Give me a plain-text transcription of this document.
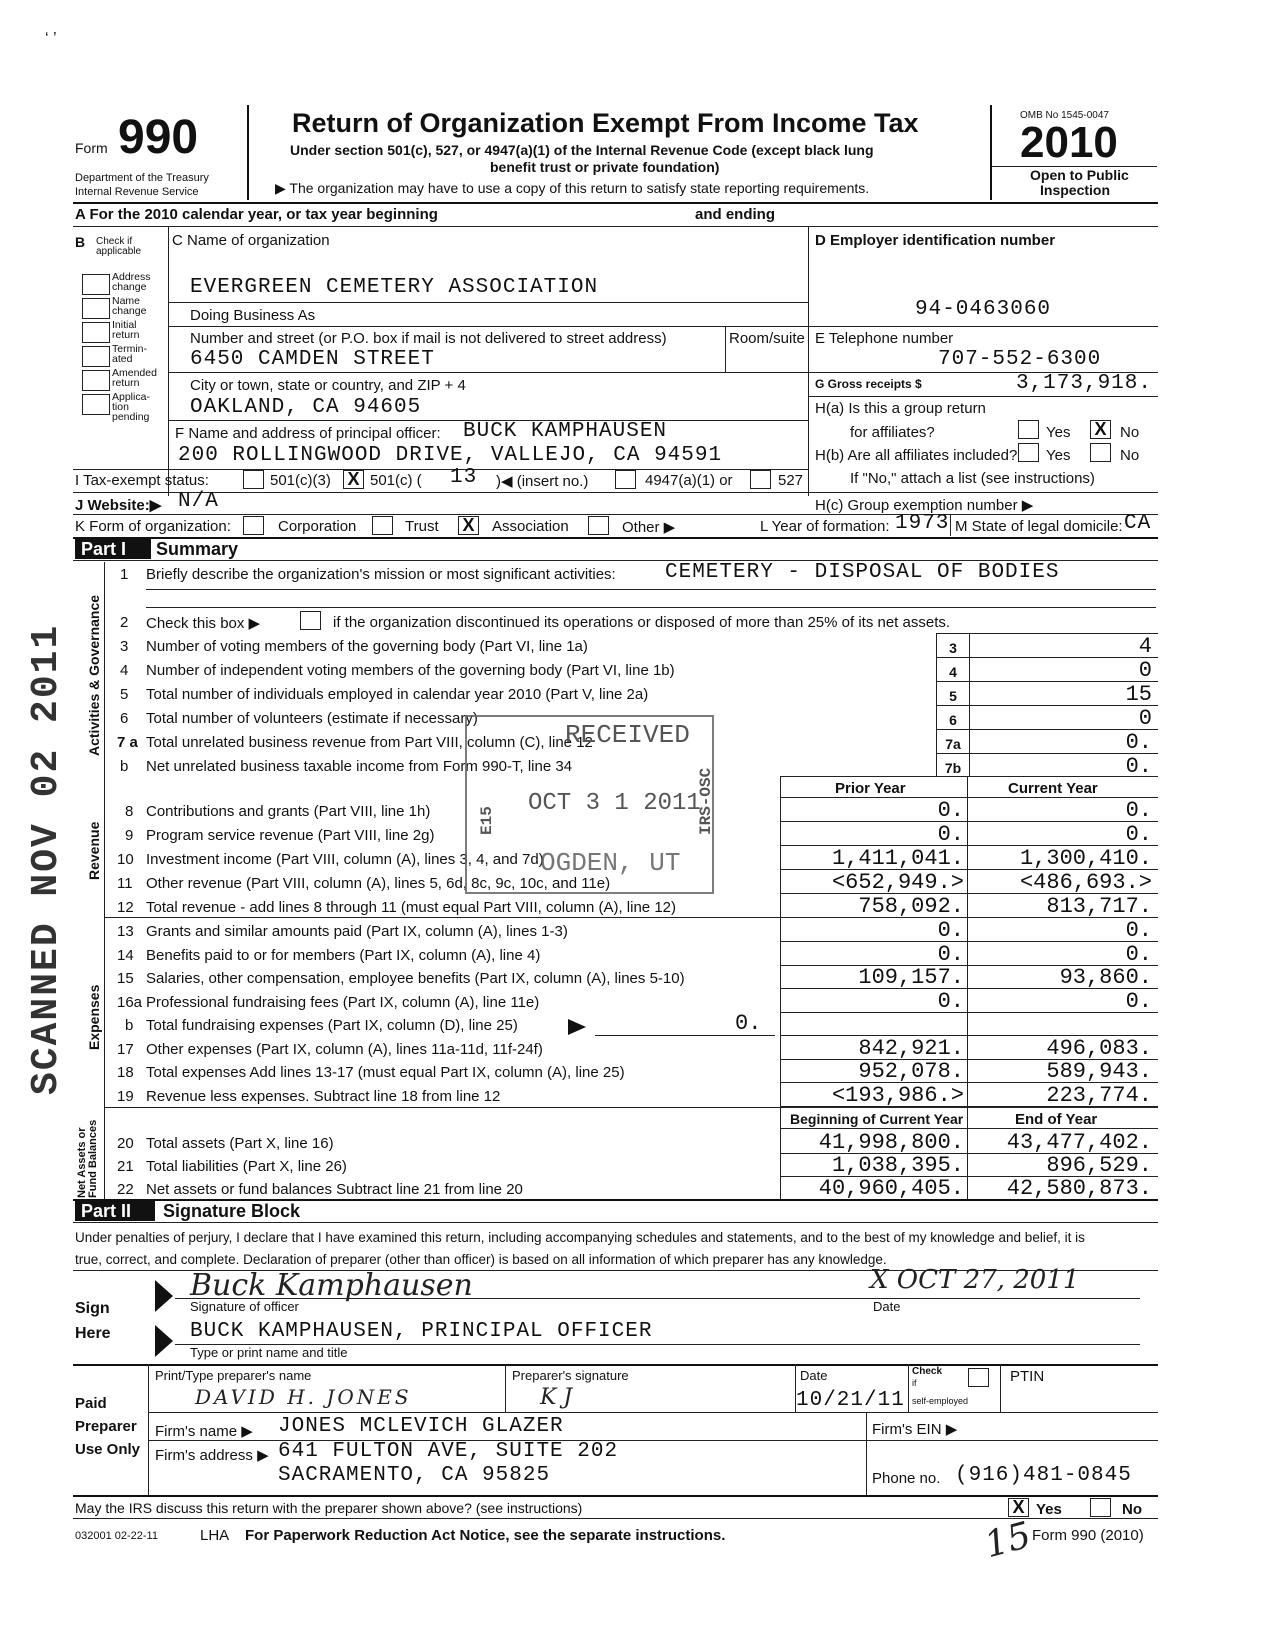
‘ ’
Form 990
Department of the Treasury
Internal Revenue Service
Return of Organization Exempt From Income Tax
Under section 501(c), 527, or 4947(a)(1) of the Internal Revenue Code (except black lung
benefit trust or private foundation)
▶ The organization may have to use a copy of this return to satisfy state reporting requirements.
OMB No 1545-0047
2010
Open to Public
Inspection
A For the 2010 calendar year, or tax year beginning	and ending
B Check if
applicable
Address change
Name change
Initial return
Termin-ated
Amended return
Applica-tion pending
C Name of organization
EVERGREEN CEMETERY ASSOCIATION
Doing Business As
Number and street (or P.O. box if mail is not delivered to street address)	Room/suite
6450 CAMDEN STREET
City or town, state or country, and ZIP + 4
OAKLAND, CA 94605
F Name and address of principal officer: BUCK KAMPHAUSEN
200 ROLLINGWOOD DRIVE, VALLEJO, CA 94591
D Employer identification number
94-0463060
E Telephone number
707-552-6300
G Gross receipts $	3,173,918.
H(a) Is this a group return
for affiliates?	Yes X No
H(b) Are all affiliates included? Yes	No
If "No," attach a list (see instructions)
I Tax-exempt status:	501(c)(3) X 501(c) ( 13 )◀ (insert no.)	4947(a)(1) or	527
J Website:▶ N/A	H(c) Group exemption number ▶
K Form of organization:	Corporation	Trust X	Association	Other ▶	L Year of formation: 1973 M State of legal domicile: CA
Part I	Summary
Activities & Governance
Revenue
Expenses
Net Assets or Fund Balances
1 Briefly describe the organization's mission or most significant activities: CEMETERY - DISPOSAL OF BODIES
2 Check this box ▶	if the organization discontinued its operations or disposed of more than 25% of its net assets.
3 Number of voting members of the governing body (Part VI, line 1a)	3	4
4 Number of independent voting members of the governing body (Part VI, line 1b)	4	0
5 Total number of individuals employed in calendar year 2010 (Part V, line 2a)	5	15
6 Total number of volunteers (estimate if necessary)	6	0
7 a Total unrelated business revenue from Part VIII, column (C), line 12	7a	0.
b Net unrelated business taxable income from Form 990-T, line 34	7b	0.
Prior Year	Current Year
8 Contributions and grants (Part VIII, line 1h)	0.	0.
9 Program service revenue (Part VIII, line 2g)	0.	0.
10 Investment income (Part VIII, column (A), lines 3, 4, and 7d)	1,411,041.	1,300,410.
11 Other revenue (Part VIII, column (A), lines 5, 6d, 8c, 9c, 10c, and 11e)	<652,949.>	<486,693.>
12 Total revenue - add lines 8 through 11 (must equal Part VIII, column (A), line 12)	758,092.	813,717.
13 Grants and similar amounts paid (Part IX, column (A), lines 1-3)	0.	0.
14 Benefits paid to or for members (Part IX, column (A), line 4)	0.	0.
15 Salaries, other compensation, employee benefits (Part IX, column (A), lines 5-10)	109,157.	93,860.
16a Professional fundraising fees (Part IX, column (A), line 11e)	0.	0.
b Total fundraising expenses (Part IX, column (D), line 25)	0.
17 Other expenses (Part IX, column (A), lines 11a-11d, 11f-24f)	842,921.	496,083.
18 Total expenses Add lines 13-17 (must equal Part IX, column (A), line 25)	952,078.	589,943.
19 Revenue less expenses. Subtract line 18 from line 12	<193,986.>	223,774.
Beginning of Current Year	End of Year
20 Total assets (Part X, line 16)	41,998,800. 43,477,402.
21 Total liabilities (Part X, line 26)	1,038,395.	896,529.
22 Net assets or fund balances Subtract line 21 from line 20	40,960,405. 42,580,873.
Part II	Signature Block
Under penalties of perjury, I declare that I have examined this return, including accompanying schedules and statements, and to the best of my knowledge and belief, it is
true, correct, and complete. Declaration of preparer (other than officer) is based on all information of which preparer has any knowledge.
Sign
Here
Buck Kamphausen
Signature of officer
X OCT 27, 2011
Date
BUCK KAMPHAUSEN, PRINCIPAL OFFICER
Type or print name and title
Paid
Preparer
Use Only
Print/Type preparer's name
DAVID H. JONES
Preparer's signature
K J
Date
10/21/11
Check
if
self-employed
PTIN
Firm's name ▶ JONES MCLEVICH GLAZER	Firm's EIN ▶
Firm's address ▶ 641 FULTON AVE, SUITE 202
SACRAMENTO, CA 95825	Phone no. (916)481-0845
May the IRS discuss this return with the preparer shown above? (see instructions)	X Yes	No
032001 02-22-11	LHA For Paperwork Reduction Act Notice, see the separate instructions.	Form 990 (2010)
15
SCANNED NOV 02 2011	RECEIVED
OCT 3 1 2011
IRS-OSC
E15
OGDEN, UT
